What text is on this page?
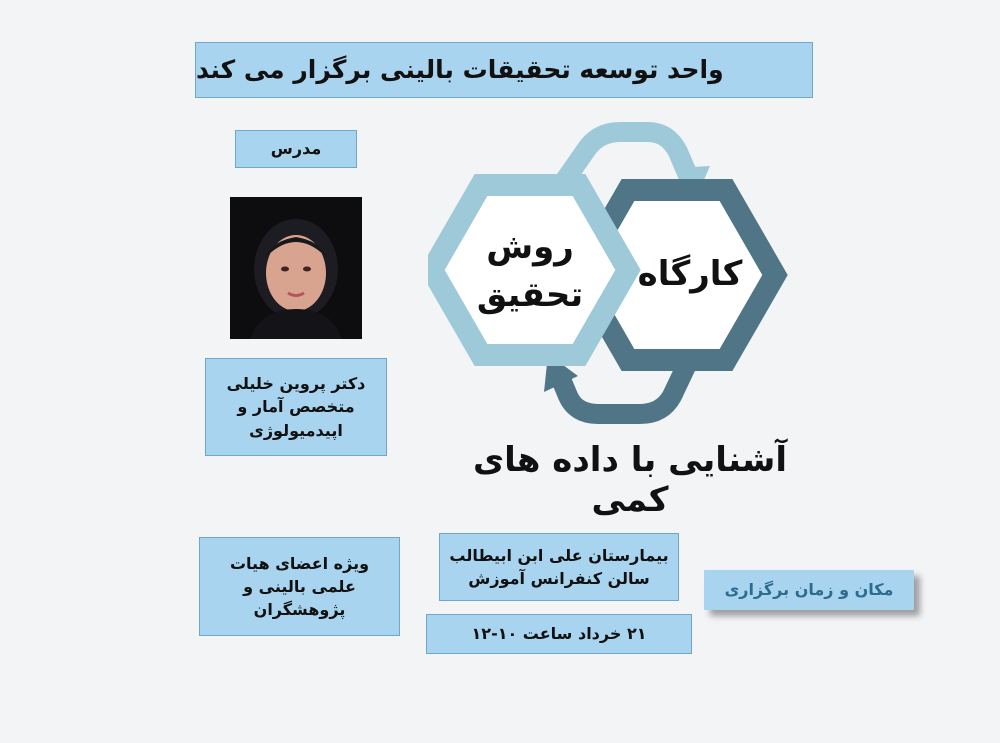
واحد توسعه تحقیقات بالینی برگزار می کند
مدرس
دکتر پروین خلیلی
متخصص آمار و
اپیدمیولوژی
روش
تحقیق
کارگاه
آشنایی با داده های کمی
ویژه اعضای هیات
علمی بالینی و
پژوهشگران
بیمارستان علی ابن ابیطالب
سالن کنفرانس آموزش
۲۱ خرداد ساعت ۱۰-۱۲
مکان و زمان برگزاری
